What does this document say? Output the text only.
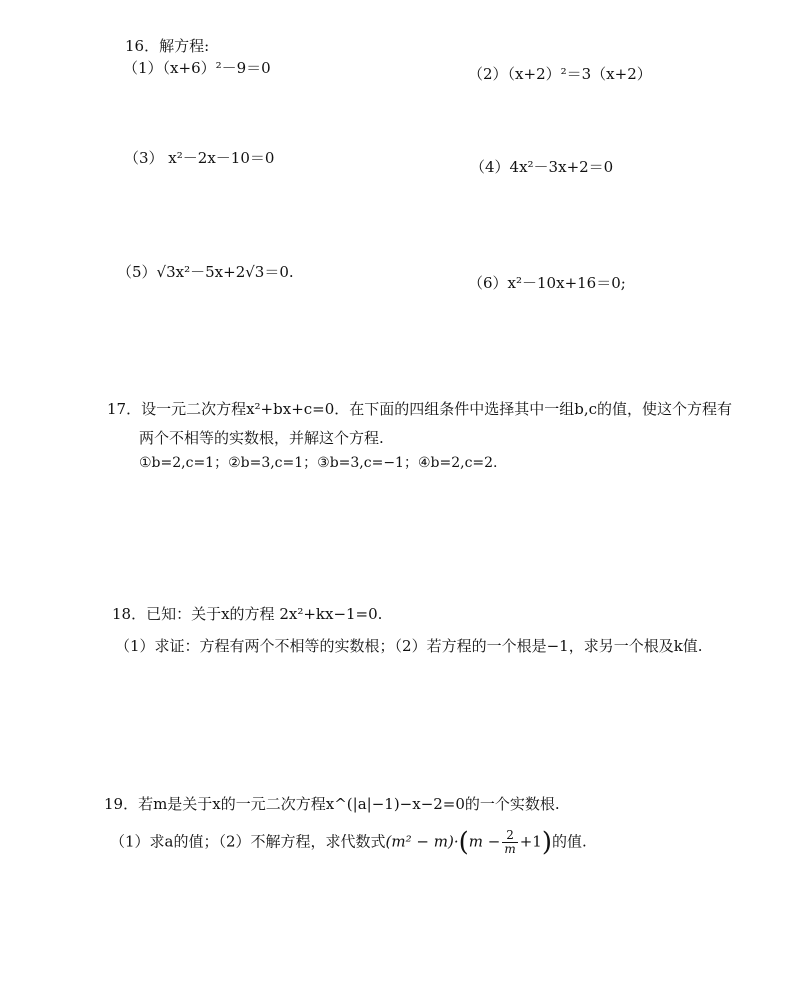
16．解方程:
（1）（x+6）²－9＝0	（2）（x+2）²＝3（x+2）
（3） x²－2x－10＝0	（4）4x²－3x+2＝0
（5）√3x²－5x+2√3＝0.
（6）x²－10x+16＝0;
17．设一元二次方程x²+bx+c=0．在下面的四组条件中选择其中一组b,c的值，使这个方程有
两个不相等的实数根，并解这个方程.
①b=2,c=1；②b=3,c=1；③b=3,c=−1；④b=2,c=2.
18．已知：关于x的方程 2x²+kx−1=0.
（1）求证：方程有两个不相等的实数根；（2）若方程的一个根是−1，求另一个根及k值.
19．若m是关于x的一元二次方程x^(|a|−1)−x−2=0的一个实数根.
（1）求a的值；（2）不解方程，求代数式$(m^2 - m)\cdot(m - \frac{2}{m} +1)$的值.
